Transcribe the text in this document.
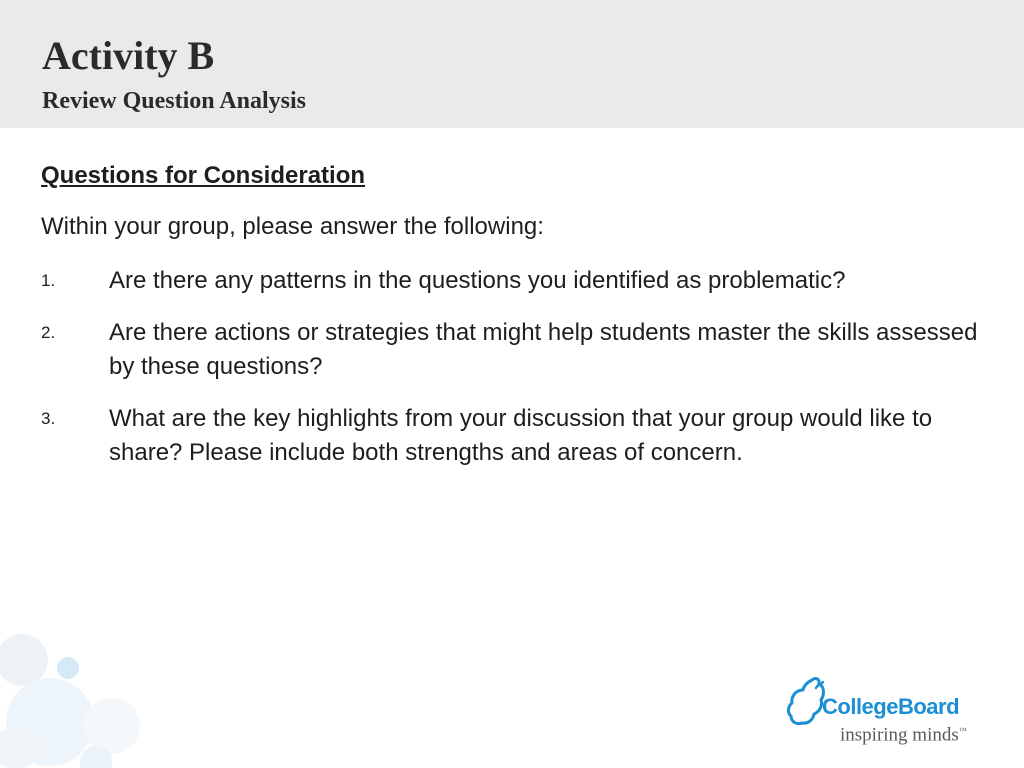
Activity B
Review Question Analysis
Questions for Consideration
Within your group, please answer the following:
1. Are there any patterns in the questions you identified as problematic?
2. Are there actions or strategies that might help students master the skills assessed by these questions?
3. What are the key highlights from your discussion that your group would like to share? Please include both strengths and areas of concern.
CollegeBoard
inspiring minds™
